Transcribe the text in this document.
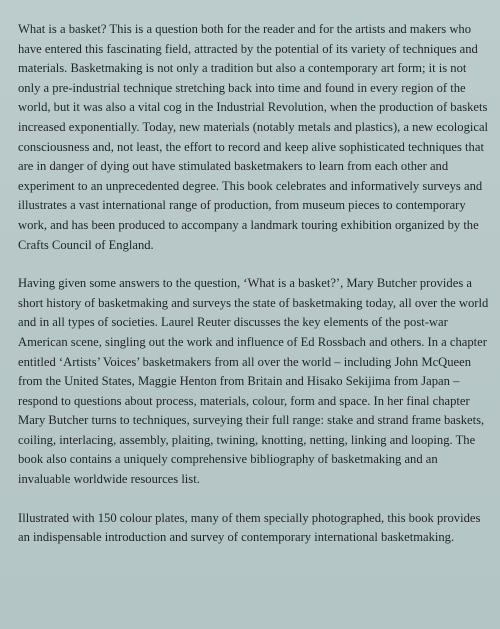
What is a basket? This is a question both for the reader and for the artists and makers who have entered this fascinating field, attracted by the potential of its variety of techniques and materials. Basketmaking is not only a tradition but also a contemporary art form; it is not only a pre-industrial technique stretching back into time and found in every region of the world, but it was also a vital cog in the Industrial Revolution, when the production of baskets increased exponentially. Today, new materials (notably metals and plastics), a new ecological consciousness and, not least, the effort to record and keep alive sophisticated techniques that are in danger of dying out have stimulated basketmakers to learn from each other and experiment to an unprecedented degree. This book celebrates and informatively surveys and illustrates a vast international range of production, from museum pieces to contemporary work, and has been produced to accompany a landmark touring exhibition organized by the Crafts Council of England.

Having given some answers to the question, ‘What is a basket?’, Mary Butcher provides a short history of basketmaking and surveys the state of basketmaking today, all over the world and in all types of societies. Laurel Reuter discusses the key elements of the post-war American scene, singling out the work and influence of Ed Rossbach and others. In a chapter entitled ‘Artists’ Voices’ basketmakers from all over the world – including John McQueen from the United States, Maggie Henton from Britain and Hisako Sekijima from Japan – respond to questions about process, materials, colour, form and space. In her final chapter Mary Butcher turns to techniques, surveying their full range: stake and strand frame baskets, coiling, interlacing, assembly, plaiting, twining, knotting, netting, linking and looping. The book also contains a uniquely comprehensive bibliography of basketmaking and an invaluable worldwide resources list.

Illustrated with 150 colour plates, many of them specially photographed, this book provides an indispensable introduction and survey of contemporary international basketmaking.
